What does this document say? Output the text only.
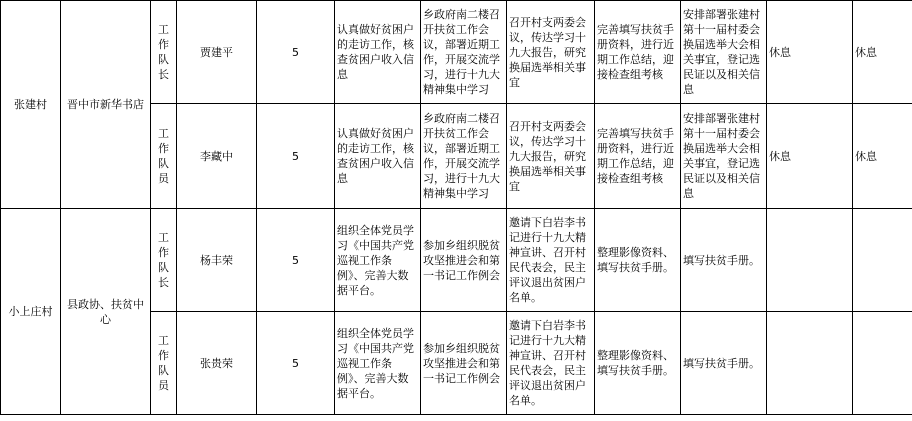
张建村	晋中市新华书店	工作队长	贾建平	5	认真做好贫困户的走访工作，核查贫困户收入信息	乡政府南二楼召开扶贫工作会议，部署近期工作，开展交流学习，进行十九大精神集中学习	召开村支两委会议，传达学习十九大报告，研究换届选举相关事宜	完善填写扶贫手册资料，进行近期工作总结，迎接检查组考核	安排部署张建村第十一届村委会换届选举大会相关事宜，登记选民证以及相关信息	休息	休息
		工作队员	李藏中	5	认真做好贫困户的走访工作，核查贫困户收入信息	乡政府南二楼召开扶贫工作会议，部署近期工作，开展交流学习，进行十九大精神集中学习	召开村支两委会议，传达学习十九大报告，研究换届选举相关事宜	完善填写扶贫手册资料，进行近期工作总结，迎接检查组考核	安排部署张建村第十一届村委会换届选举大会相关事宜，登记选民证以及相关信息	休息	休息
小上庄村	县政协、扶贫中心	工作队长	杨丰荣	5	组织全体党员学习《中国共产党巡视工作条例》、完善大数据平台。	参加乡组织脱贫攻坚推进会和第一书记工作例会	邀请下白岩李书记进行十九大精神宣讲、召开村民代表会，民主评议退出贫困户名单。	整理影像资料、填写扶贫手册。	填写扶贫手册。		
		工作队员	张贵荣	5	组织全体党员学习《中国共产党巡视工作条例》、完善大数据平台。	参加乡组织脱贫攻坚推进会和第一书记工作例会	邀请下白岩李书记进行十九大精神宣讲、召开村民代表会，民主评议退出贫困户名单。	整理影像资料、填写扶贫手册。	填写扶贫手册。		
